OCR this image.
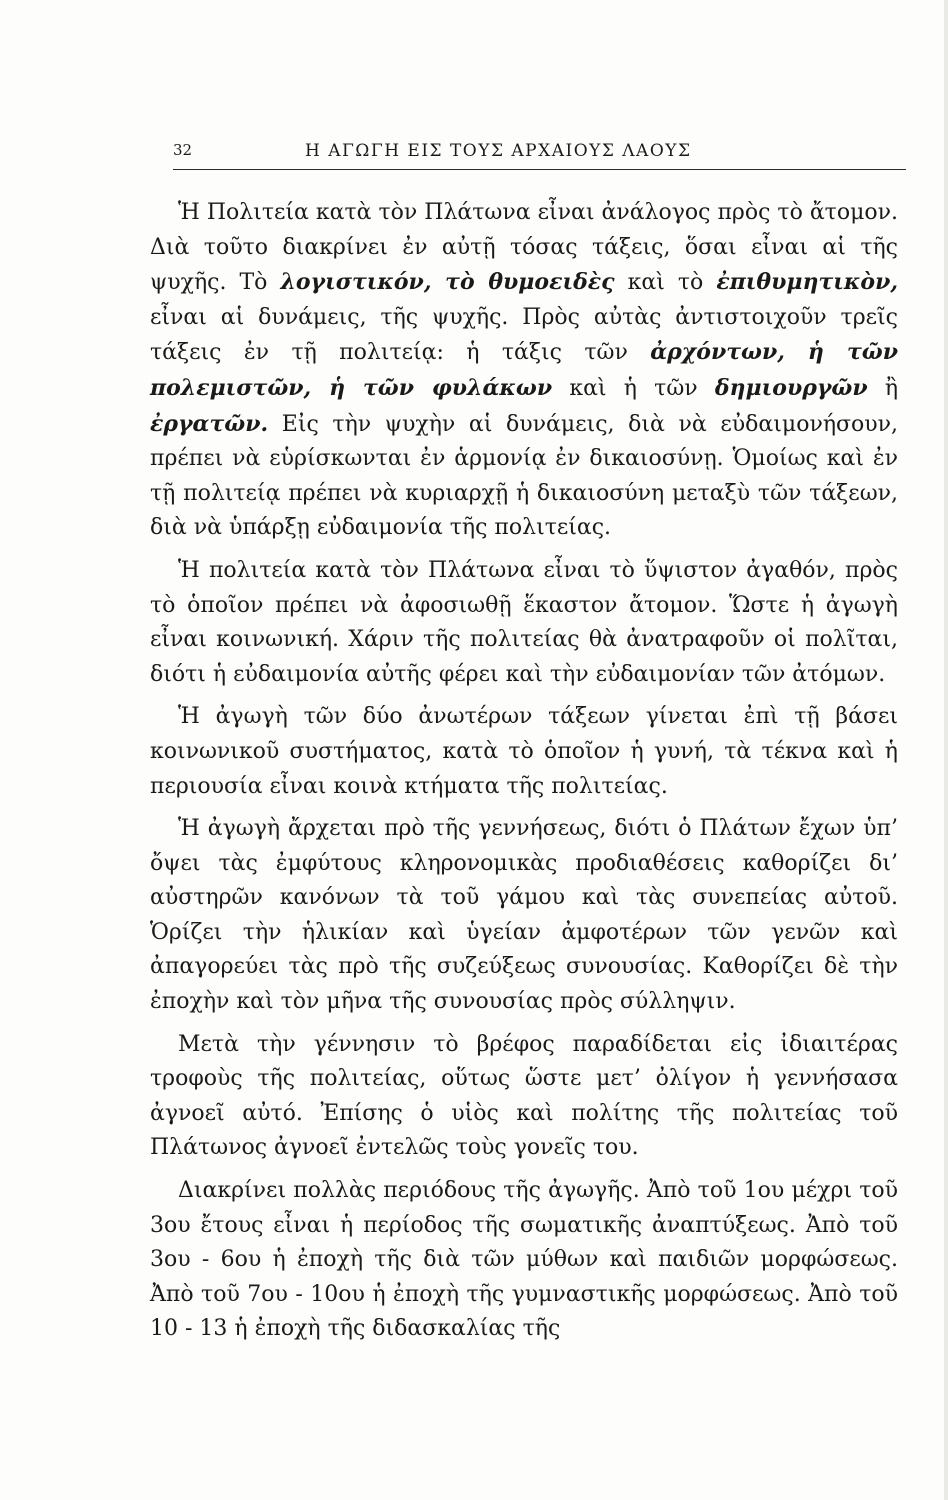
32	Η ΑΓΩΓΗ ΕΙΣ ΤΟΥΣ ΑΡΧΑΙΟΥΣ ΛΑΟΥΣ

Ἡ Πολιτεία κατὰ τὸν Πλάτωνα εἶναι ἀνάλογος πρὸς τὸ ἄτομον. Διὰ τοῦτο διακρίνει ἐν αὐτῇ τόσας τάξεις, ὅσαι εἶναι αἱ τῆς ψυχῆς. Τὸ λογιστικόν, τὸ θυμοειδὲς καὶ τὸ ἐπιθυμητικὸν, εἶναι αἱ δυνάμεις, τῆς ψυχῆς. Πρὸς αὐτὰς ἀντιστοιχοῦν τρεῖς τάξεις ἐν τῇ πολιτείᾳ: ἡ τάξις τῶν ἀρχόντων, ἡ τῶν πολεμιστῶν, ἡ τῶν φυλάκων καὶ ἡ τῶν δημιουργῶν ἢ ἐργατῶν. Εἰς τὴν ψυχὴν αἱ δυνάμεις, διὰ νὰ εὐδαιμονήσουν, πρέπει νὰ εὑρίσκωνται ἐν ἁρμονίᾳ ἐν δικαιοσύνῃ. Ὁμοίως καὶ ἐν τῇ πολιτείᾳ πρέπει νὰ κυριαρχῇ ἡ δικαιοσύνη μεταξὺ τῶν τάξεων, διὰ νὰ ὑπάρξῃ εὐδαιμονία τῆς πολιτείας.

Ἡ πολιτεία κατὰ τὸν Πλάτωνα εἶναι τὸ ὕψιστον ἀγαθόν, πρὸς τὸ ὁποῖον πρέπει νὰ ἀφοσιωθῇ ἕκαστον ἄτομον. Ὥστε ἡ ἀγωγὴ εἶναι κοινωνική. Χάριν τῆς πολιτείας θὰ ἀνατραφοῦν οἱ πολῖται, διότι ἡ εὐδαιμονία αὐτῆς φέρει καὶ τὴν εὐδαιμονίαν τῶν ἀτόμων.

Ἡ ἀγωγὴ τῶν δύο ἀνωτέρων τάξεων γίνεται ἐπὶ τῇ βάσει κοινωνικοῦ συστήματος, κατὰ τὸ ὁποῖον ἡ γυνή, τὰ τέκνα καὶ ἡ περιουσία εἶναι κοινὰ κτήματα τῆς πολιτείας.

Ἡ ἀγωγὴ ἄρχεται πρὸ τῆς γεννήσεως, διότι ὁ Πλάτων ἔχων ὑπ’ ὄψει τὰς ἐμφύτους κληρονομικὰς προδιαθέσεις καθορίζει δι’ αὐστηρῶν κανόνων τὰ τοῦ γάμου καὶ τὰς συνεπείας αὐτοῦ. Ὁρίζει τὴν ἡλικίαν καὶ ὑγείαν ἀμφοτέρων τῶν γενῶν καὶ ἀπαγορεύει τὰς πρὸ τῆς συζεύξεως συνουσίας. Καθορίζει δὲ τὴν ἐποχὴν καὶ τὸν μῆνα τῆς συνουσίας πρὸς σύλληψιν.

Μετὰ τὴν γέννησιν τὸ βρέφος παραδίδεται εἰς ἰδιαιτέρας τροφοὺς τῆς πολιτείας, οὕτως ὥστε μετ’ ὀλίγον ἡ γεννήσασα ἀγνοεῖ αὐτό. Ἐπίσης ὁ υἱὸς καὶ πολίτης τῆς πολιτείας τοῦ Πλάτωνος ἀγνοεῖ ἐντελῶς τοὺς γονεῖς του.

Διακρίνει πολλὰς περιόδους τῆς ἀγωγῆς. Ἀπὸ τοῦ 1ου μέχρι τοῦ 3ου ἔτους εἶναι ἡ περίοδος τῆς σωματικῆς ἀναπτύξεως. Ἀπὸ τοῦ 3ου - 6ου ἡ ἐποχὴ τῆς διὰ τῶν μύθων καὶ παιδιῶν μορφώσεως. Ἀπὸ τοῦ 7ου - 10ου ἡ ἐποχὴ τῆς γυμναστικῆς μορφώσεως. Ἀπὸ τοῦ 10 - 13 ἡ ἐποχὴ τῆς διδασκαλίας τῆς
